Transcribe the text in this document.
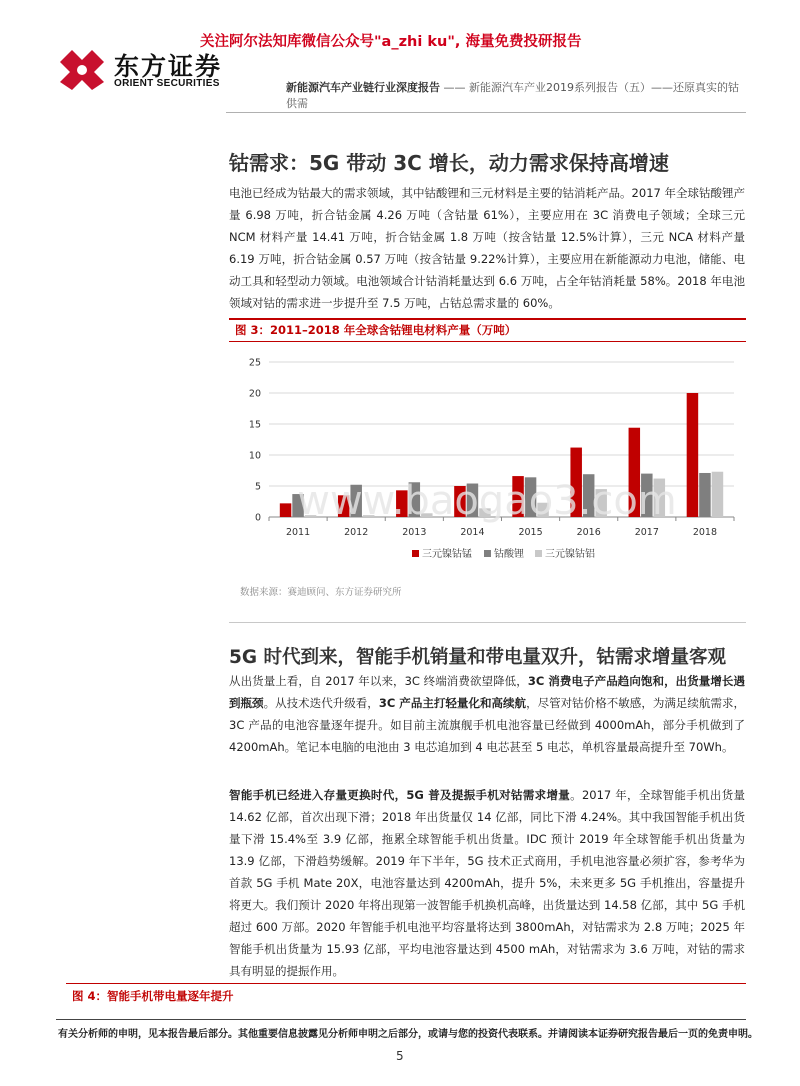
关注阿尔法知库微信公众号"a_zhi ku", 海量免费投研报告
东方证券
ORIENT SECURITIES	新能源汽车产业链行业深度报告 —— 新能源汽车产业2019系列报告（五）——还原真实的钴供需
钴需求：5G 带动 3C 增长，动力需求保持高增速
电池已经成为钴最大的需求领域，其中钴酸锂和三元材料是主要的钴消耗产品。2017 年全球钴酸锂产量 6.98 万吨，折合钴金属 4.26 万吨（含钴量 61%），主要应用在 3C 消费电子领域；全球三元 NCM 材料产量 14.41 万吨，折合钴金属 1.8 万吨（按含钴量 12.5%计算），三元 NCA 材料产量 6.19 万吨，折合钴金属 0.57 万吨（按含钴量 9.22%计算），主要应用在新能源动力电池，储能、电动工具和轻型动力领域。电池领域合计钴消耗量达到 6.6 万吨，占全年钴消耗量 58%。2018 年电池领域对钴的需求进一步提升至 7.5 万吨，占钴总需求量的 60%。
图 3：2011–2018 年全球含钴锂电材料产量（万吨）
0
5
10
15
20
25
2011	2012	2013	2014	2015	2016	2017	2018
三元镍钴锰 钴酸锂 三元镍钴铝
www.baogao3.com
数据来源：赛迪顾问、东方证券研究所
5G 时代到来，智能手机销量和带电量双升，钴需求增量客观
从出货量上看，自 2017 年以来，3C 终端消费欲望降低，3C 消费电子产品趋向饱和，出货量增长遇到瓶颈。从技术迭代升级看，3C 产品主打轻量化和高续航，尽管对钴价格不敏感，为满足续航需求，3C 产品的电池容量逐年提升。如目前主流旗舰手机电池容量已经做到 4000mAh，部分手机做到了 4200mAh。笔记本电脑的电池由 3 电芯追加到 4 电芯甚至 5 电芯，单机容量最高提升至 70Wh。
智能手机已经进入存量更换时代，5G 普及提振手机对钴需求增量。2017 年，全球智能手机出货量 14.62 亿部，首次出现下滑；2018 年出货量仅 14 亿部，同比下滑 4.24%。其中我国智能手机出货量下滑 15.4%至 3.9 亿部，拖累全球智能手机出货量。IDC 预计 2019 年全球智能手机出货量为 13.9 亿部，下滑趋势缓解。2019 年下半年，5G 技术正式商用，手机电池容量必须扩容，参考华为首款 5G 手机 Mate 20X，电池容量达到 4200mAh，提升 5%，未来更多 5G 手机推出，容量提升将更大。我们预计 2020 年将出现第一波智能手机换机高峰，出货量达到 14.58 亿部，其中 5G 手机超过 600 万部。2020 年智能手机电池平均容量将达到 3800mAh，对钴需求为 2.8 万吨；2025 年智能手机出货量为 15.93 亿部，平均电池容量达到 4500 mAh，对钴需求为 3.6 万吨，对钴的需求具有明显的提振作用。
图 4：智能手机带电量逐年提升
有关分析师的申明，见本报告最后部分。其他重要信息披露见分析师申明之后部分，或请与您的投资代表联系。并请阅读本证券研究报告最后一页的免责申明。
5
